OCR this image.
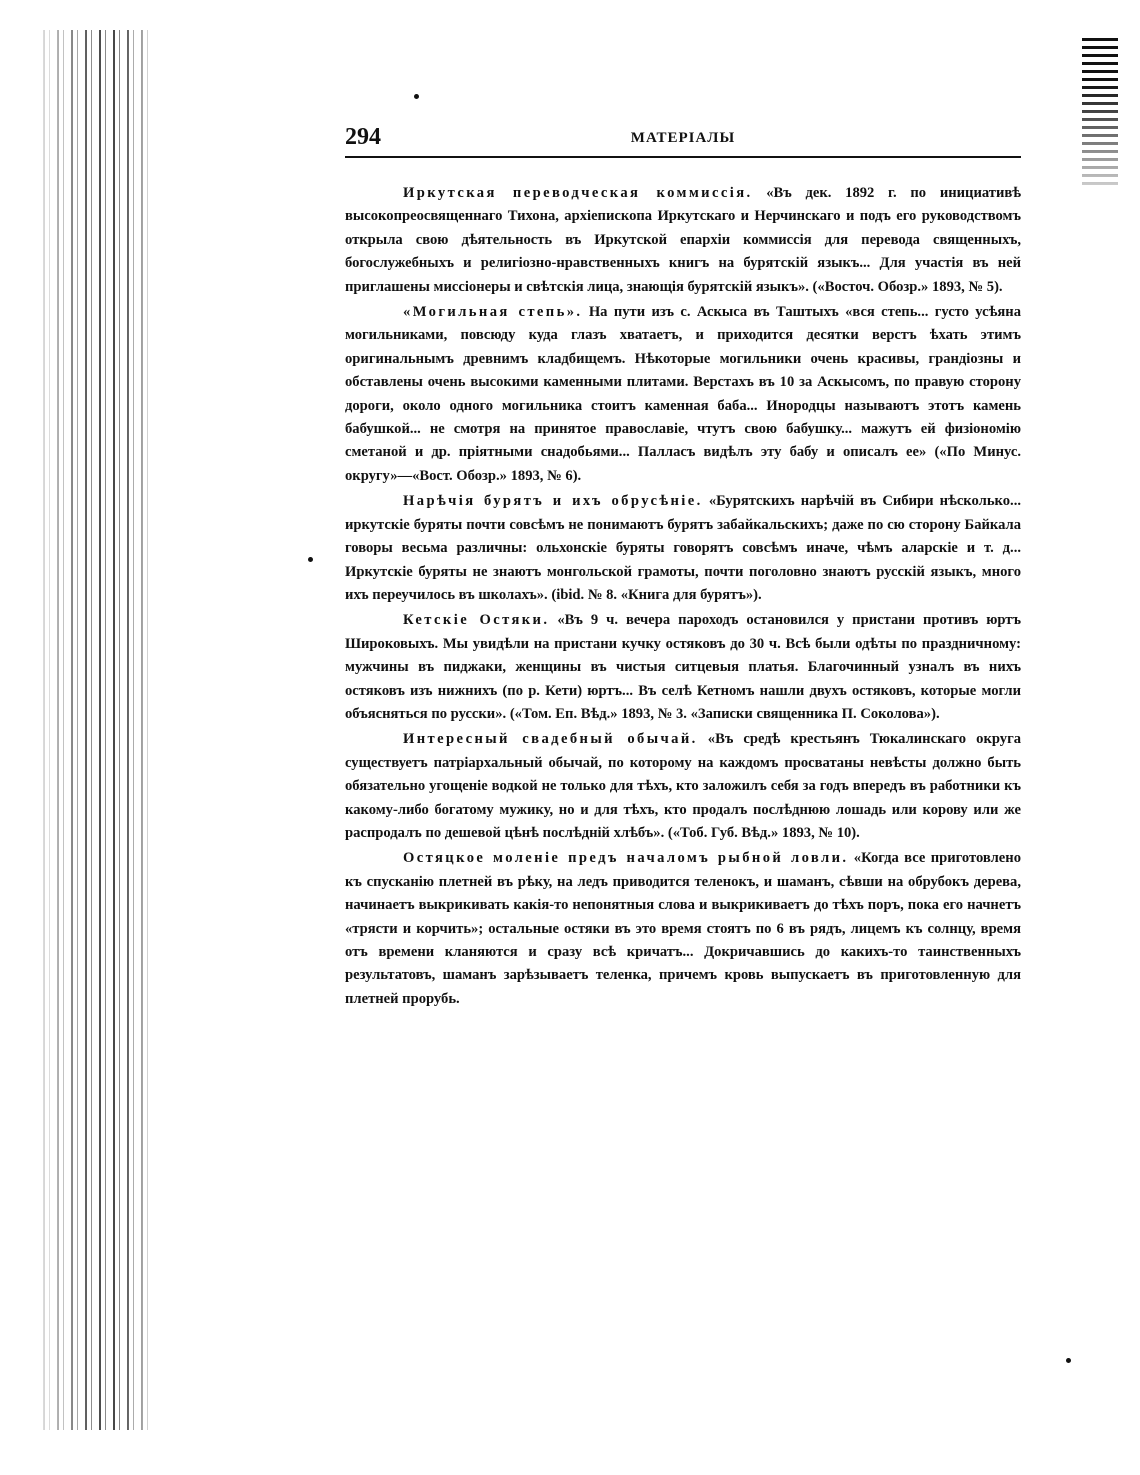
294	МАТЕРІАЛЫ

Иркутская переводческая коммиссія. «Въ дек. 1892 г. по инициативѣ высокопреосвященнаго Тихона, архіепископа Иркутскаго и Нерчинскаго и подъ его руководствомъ открыла свою дѣятельность въ Иркутской епархіи коммиссія для перевода священныхъ, богослужебныхъ и религіозно-нравственныхъ книгъ на бурятскій языкъ... Для участія въ ней приглашены миссіонеры и свѣтскія лица, знающія бурятскій языкъ». («Восточ. Обозр.» 1893, № 5).

«Могильная степь». На пути изъ с. Аскыса въ Таштыхъ «вся степь... густо усѣяна могильниками, повсюду куда глазъ хватаетъ, и приходится десятки верстъ ѣхать этимъ оригинальнымъ древнимъ кладбищемъ. Нѣкоторые могильники очень красивы, грандіозны и обставлены очень высокими каменными плитами. Верстахъ въ 10 за Аскысомъ, по правую сторону дороги, около одного могильника стоитъ каменная баба... Инородцы называютъ этотъ камень бабушкой... не смотря на принятое православіе, чтутъ свою бабушку... мажутъ ей физіономію сметаной и др. пріятными снадобьями... Палласъ видѣлъ эту бабу и описалъ ее» («По Минус. округу»—«Вост. Обозр.» 1893, № 6).

Нарѣчія бурятъ и ихъ обрусѣніе. «Бурятскихъ нарѣчій въ Сибири нѣсколько... иркутскіе буряты почти совсѣмъ не понимаютъ бурятъ забайкальскихъ; даже по сю сторону Байкала говоры весьма различны: ольхонскіе буряты говорятъ совсѣмъ иначе, чѣмъ аларскіе и т. д... Иркутскіе буряты не знаютъ монгольской грамоты, почти поголовно знаютъ русскій языкъ, много ихъ переучилось въ школахъ». (ibid. № 8. «Книга для бурятъ»).

Кетскіе Остяки. «Въ 9 ч. вечера пароходъ остановился у пристани противъ юртъ Широковыхъ. Мы увидѣли на пристани кучку остяковъ до 30 ч. Всѣ были одѣты по праздничному: мужчины въ пиджаки, женщины въ чистыя ситцевыя платья. Благочинный узналъ въ нихъ остяковъ изъ нижнихъ (по р. Кети) юртъ... Въ селѣ Кетномъ нашли двухъ остяковъ, которые могли объясняться по русски». («Том. Еп. Вѣд.» 1893, № 3. «Записки священника П. Соколова»).

Интересный свадебный обычай. «Въ средѣ крестьянъ Тюкалинскаго округа существуетъ патріархальный обычай, по которому на каждомъ просватаны невѣсты должно быть обязательно угощеніе водкой не только для тѣхъ, кто заложилъ себя за годъ впередъ въ работники къ какому-либо богатому мужику, но и для тѣхъ, кто продалъ послѣднюю лошадь или корову или же распродалъ по дешевой цѣнѣ послѣдній хлѣбъ». («Тоб. Губ. Вѣд.» 1893, № 10).

Остяцкое моленіе предъ началомъ рыбной ловли. «Когда все приготовлено къ спусканію плетней въ рѣку, на ледъ приводится теленокъ, и шаманъ, сѣвши на обрубокъ дерева, начинаетъ выкрикивать какія-то непонятныя слова и выкрикиваетъ до тѣхъ поръ, пока его начнетъ «трясти и корчить»; остальные остяки въ это время стоятъ по 6 въ рядъ, лицемъ къ солнцу, время отъ времени кланяются и сразу всѣ кричатъ... Докричавшись до какихъ-то таинственныхъ результатовъ, шаманъ зарѣзываетъ теленка, причемъ кровь выпускаетъ въ приготовленную для плетней прорубь.
